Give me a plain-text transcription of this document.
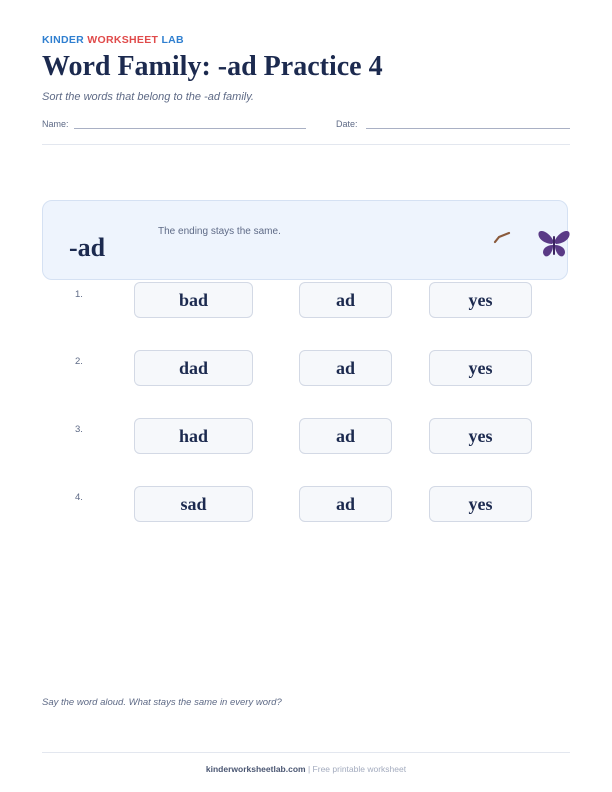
KINDER WORKSHEET LAB
Word Family: -ad Practice 4
Sort the words that belong to the -ad family.
Name:	Date:
-ad
The ending stays the same.
1.	bad	ad	yes
2.	dad	ad	yes
3.	had	ad	yes
4.	sad	ad	yes
Say the word aloud. What stays the same in every word?
kinderworksheetlab.com | Free printable worksheet
